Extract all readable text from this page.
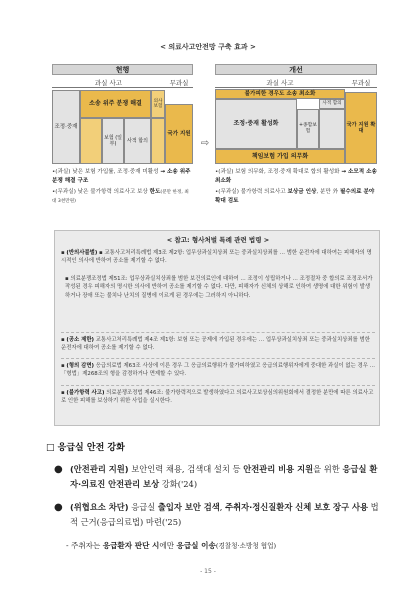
< 의료사고안전망 구축 효과 >
현행
과실 사고	무과실
조정·중재
소송 위주 분쟁 해결	의사 보험
보험 (일부)	사적 합의
국가 지원
•(과실) 낮은 보험 가입률, 조정·중재 미활성 → 소송 위주 분쟁 해결 구조
•(무과실) 낮은 불가항력 의료사고 보상 한도(분만 한정, 최대 3천만원)
⇨
개선
과실 사고	무과실
불가피한 경우도 소송 최소화
사적 합의
조정·중재 활성화	+종합보험
국가 지원 확대
책임보험 가입 의무화
•(과실) 보험 의무화, 조정·중재 확대로 합의 활성화 → 소모적 소송 최소화
•(무과실) 불가항력 의료사고 보상금 인상, 분만 外 필수의료 분야 확대 검토
< 참고: 형사처벌 특례 관련 법령 >
▪ (반의사불벌) ▪ 교통사고처리특례법 제3조 제2항: 업무상과실치상죄 또는 중과실치상죄를 … 범한 운전자에 대하여는 피해자의 명시적인 의사에 반하여 공소를 제기할 수 없다.
▪ 의료분쟁조정법 제51조: 업무상과실치상죄를 범한 보건의료인에 대하여 … 조정이 성립하거나 … 조정절차 중 합의로 조정조서가 작성된 경우 피해자의 명시한 의사에 반하여 공소를 제기할 수 없다. 다만, 피해자가 신체의 상해로 인하여 생명에 대한 위험이 발생하거나 장애 또는 불치나 난치의 질병에 이르게 된 경우에는 그러하지 아니하다.
▪ (공소 제한) 교통사고처리특례법 제4조 제1항: 보험 또는 공제에 가입된 경우에는 … 업무상과실치상죄 또는 중과실치상죄를 범한 운전자에 대하여 공소를 제기할 수 없다.
▪ (형의 감면) 응급의료법 제63조 사상에 이른 경우 그 응급의료행위가 불가피하였고 응급의료행위자에게 중대한 과실이 없는 경우 …「형법」제268조의 형을 감경하거나 면제할 수 있다.
▪ (불가항력 사고) 의료분쟁조정법 제46조: 불가항력적으로 발생하였다고 의료사고보상심의위원회에서 결정한 분만에 따른 의료사고로 인한 피해를 보상하기 위한 사업을 실시한다.
□ 응급실 안전 강화
● (안전관리 지원) 보안인력 채용, 검색대 설치 등 안전관리 비용 지원을 위한 응급실 환자·의료진 안전관리 보상 강화('24)
● (위협요소 차단) 응급실 출입자 보안 검색, 주취자·정신질환자 신체 보호 장구 사용 법적 근거(응급의료법) 마련('25)
- 주취자는 응급환자 판단 시에만 응급실 이송(경찰청·소방청 협업)
- 15 -
